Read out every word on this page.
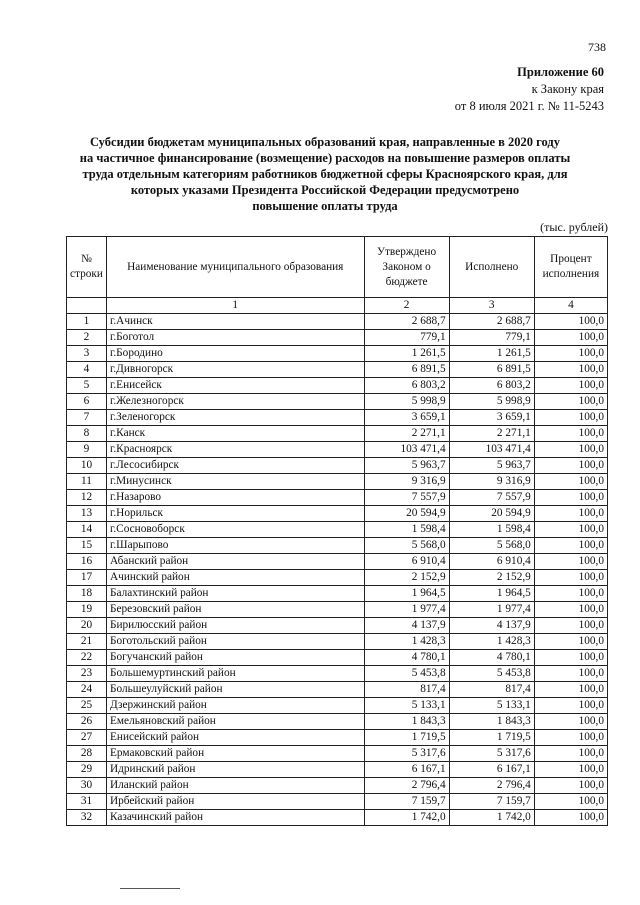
738
Приложение 60
к Закону края
от 8 июля 2021 г. № 11-5243
Субсидии бюджетам муниципальных образований края, направленные в 2020 году
на частичное финансирование (возмещение) расходов на повышение размеров оплаты
труда отдельным категориям работников бюджетной сферы Красноярского края, для
которых указами Президента Российской Федерации предусмотрено
повышение оплаты труда
(тыс. рублей)
№ строки	Наименование муниципального образования	Утверждено Законом о бюджете	Исполнено	Процент исполнения
	1	2	3	4
1	г.Ачинск	2 688,7	2 688,7	100,0
2	г.Боготол	779,1	779,1	100,0
3	г.Бородино	1 261,5	1 261,5	100,0
4	г.Дивногорск	6 891,5	6 891,5	100,0
5	г.Енисейск	6 803,2	6 803,2	100,0
6	г.Железногорск	5 998,9	5 998,9	100,0
7	г.Зеленогорск	3 659,1	3 659,1	100,0
8	г.Канск	2 271,1	2 271,1	100,0
9	г.Красноярск	103 471,4	103 471,4	100,0
10	г.Лесосибирск	5 963,7	5 963,7	100,0
11	г.Минусинск	9 316,9	9 316,9	100,0
12	г.Назарово	7 557,9	7 557,9	100,0
13	г.Норильск	20 594,9	20 594,9	100,0
14	г.Сосновоборск	1 598,4	1 598,4	100,0
15	г.Шарыпово	5 568,0	5 568,0	100,0
16	Абанский район	6 910,4	6 910,4	100,0
17	Ачинский район	2 152,9	2 152,9	100,0
18	Балахтинский район	1 964,5	1 964,5	100,0
19	Березовский район	1 977,4	1 977,4	100,0
20	Бирилюсский район	4 137,9	4 137,9	100,0
21	Боготольский район	1 428,3	1 428,3	100,0
22	Богучанский район	4 780,1	4 780,1	100,0
23	Большемуртинский район	5 453,8	5 453,8	100,0
24	Большеулуйский район	817,4	817,4	100,0
25	Дзержинский район	5 133,1	5 133,1	100,0
26	Емельяновский район	1 843,3	1 843,3	100,0
27	Енисейский район	1 719,5	1 719,5	100,0
28	Ермаковский район	5 317,6	5 317,6	100,0
29	Идринский район	6 167,1	6 167,1	100,0
30	Иланский район	2 796,4	2 796,4	100,0
31	Ирбейский район	7 159,7	7 159,7	100,0
32	Казачинский район	1 742,0	1 742,0	100,0
